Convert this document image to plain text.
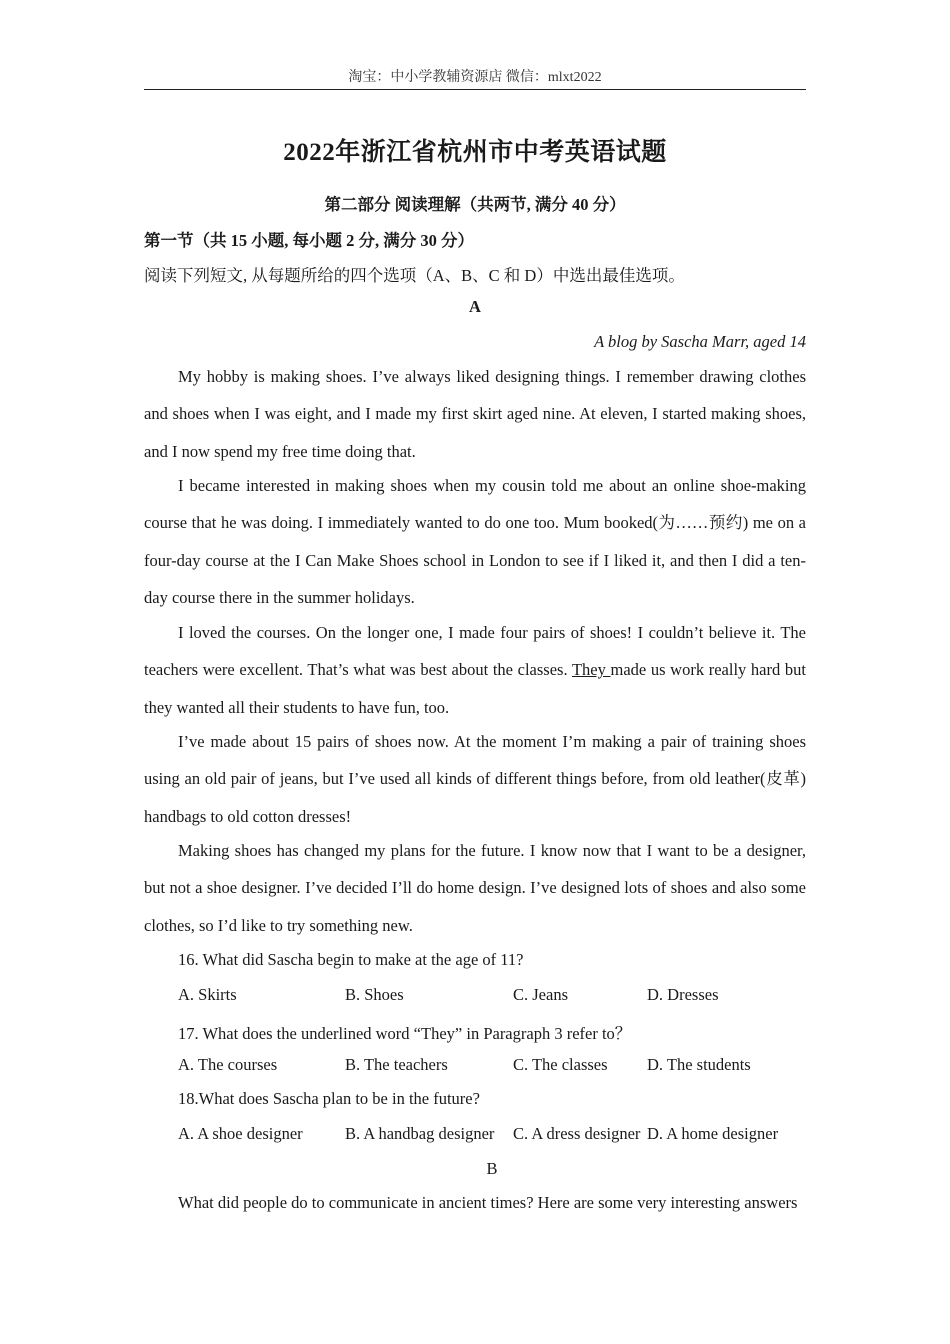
淘宝：中小学教辅资源店 微信：mlxt2022
2022年浙江省杭州市中考英语试题
第二部分 阅读理解（共两节, 满分 40 分）
第一节（共 15 小题, 每小题 2 分, 满分 30 分）
阅读下列短文, 从每题所给的四个选项（A、B、C 和 D）中选出最佳选项。
A
A blog by Sascha Marr, aged 14
My hobby is making shoes. I’ve always liked designing things. I remember drawing clothes and shoes when I was eight, and I made my first skirt aged nine. At eleven, I started making shoes, and I now spend my free time doing that.
I became interested in making shoes when my cousin told me about an online shoe-making course that he was doing. I immediately wanted to do one too. Mum booked(为……预约) me on a four-day course at the I Can Make Shoes school in London to see if I liked it, and then I did a ten-day course there in the summer holidays.
I loved the courses. On the longer one, I made four pairs of shoes! I couldn’t believe it. The teachers were excellent. That’s what was best about the classes. They made us work really hard but they wanted all their students to have fun, too.
I’ve made about 15 pairs of shoes now. At the moment I’m making a pair of training shoes using an old pair of jeans, but I’ve used all kinds of different things before, from old leather(皮革) handbags to old cotton dresses!
Making shoes has changed my plans for the future. I know now that I want to be a designer, but not a shoe designer. I’ve decided I’ll do home design. I’ve designed lots of shoes and also some clothes, so I’d like to try something new.
16. What did Sascha begin to make at the age of 11?
A. Skirts	B. Shoes	C. Jeans	D. Dresses
17. What does the underlined word “They” in Paragraph 3 refer to？
A. The courses	B. The teachers	C. The classes D. The students
18.What does Sascha plan to be in the future?
A. A shoe designer	B. A handbag designer C. A dress designer D. A home designer
B
What did people do to communicate in ancient times? Here are some very interesting answers
